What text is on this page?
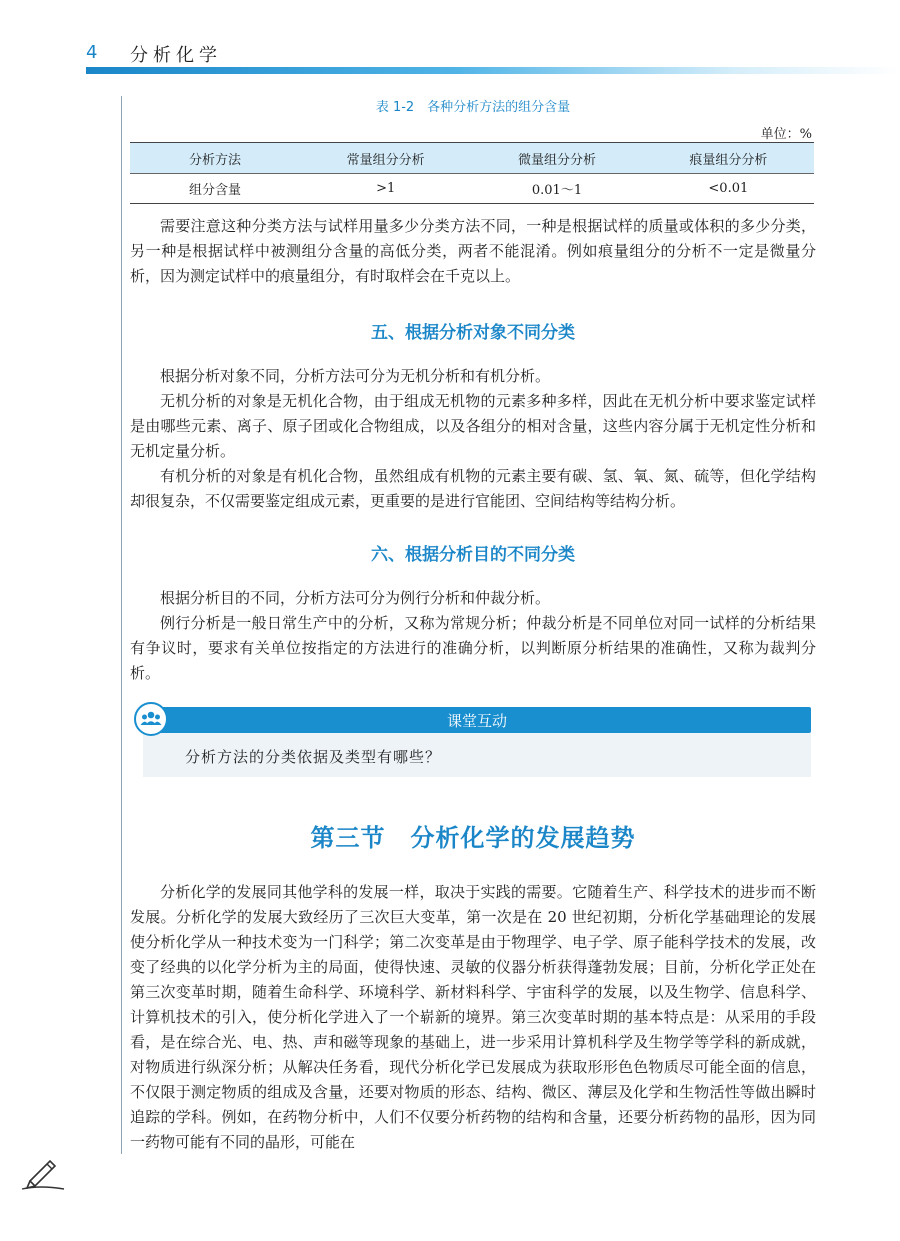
4 分析化学
表 1-2　各种分析方法的组分含量
单位：%
分析方法	常量组分分析	微量组分分析	痕量组分分析
组分含量	>1	0.01～1	<0.01

需要注意这种分类方法与试样用量多少分类方法不同，一种是根据试样的质量或体积的多少分类，另一种是根据试样中被测组分含量的高低分类，两者不能混淆。例如痕量组分的分析不一定是微量分析，因为测定试样中的痕量组分，有时取样会在千克以上。

五、根据分析对象不同分类

根据分析对象不同，分析方法可分为无机分析和有机分析。

无机分析的对象是无机化合物，由于组成无机物的元素多种多样，因此在无机分析中要求鉴定试样是由哪些元素、离子、原子团或化合物组成，以及各组分的相对含量，这些内容分属于无机定性分析和无机定量分析。

有机分析的对象是有机化合物，虽然组成有机物的元素主要有碳、氢、氧、氮、硫等，但化学结构却很复杂，不仅需要鉴定组成元素，更重要的是进行官能团、空间结构等结构分析。

六、根据分析目的不同分类

根据分析目的不同，分析方法可分为例行分析和仲裁分析。

例行分析是一般日常生产中的分析，又称为常规分析；仲裁分析是不同单位对同一试样的分析结果有争议时，要求有关单位按指定的方法进行的准确分析，以判断原分析结果的准确性，又称为裁判分析。

课堂互动
分析方法的分类依据及类型有哪些？
第三节　分析化学的发展趋势

分析化学的发展同其他学科的发展一样，取决于实践的需要。它随着生产、科学技术的进步而不断发展。分析化学的发展大致经历了三次巨大变革，第一次是在 20 世纪初期，分析化学基础理论的发展使分析化学从一种技术变为一门科学；第二次变革是由于物理学、电子学、原子能科学技术的发展，改变了经典的以化学分析为主的局面，使得快速、灵敏的仪器分析获得蓬勃发展；目前，分析化学正处在第三次变革时期，随着生命科学、环境科学、新材料科学、宇宙科学的发展，以及生物学、信息科学、计算机技术的引入，使分析化学进入了一个崭新的境界。第三次变革时期的基本特点是：从采用的手段看，是在综合光、电、热、声和磁等现象的基础上，进一步采用计算机科学及生物学等学科的新成就，对物质进行纵深分析；从解决任务看，现代分析化学已发展成为获取形形色色物质尽可能全面的信息，不仅限于测定物质的组成及含量，还要对物质的形态、结构、微区、薄层及化学和生物活性等做出瞬时追踪的学科。例如，在药物分析中，人们不仅要分析药物的结构和含量，还要分析药物的晶形，因为同一药物可能有不同的晶形，可能在
